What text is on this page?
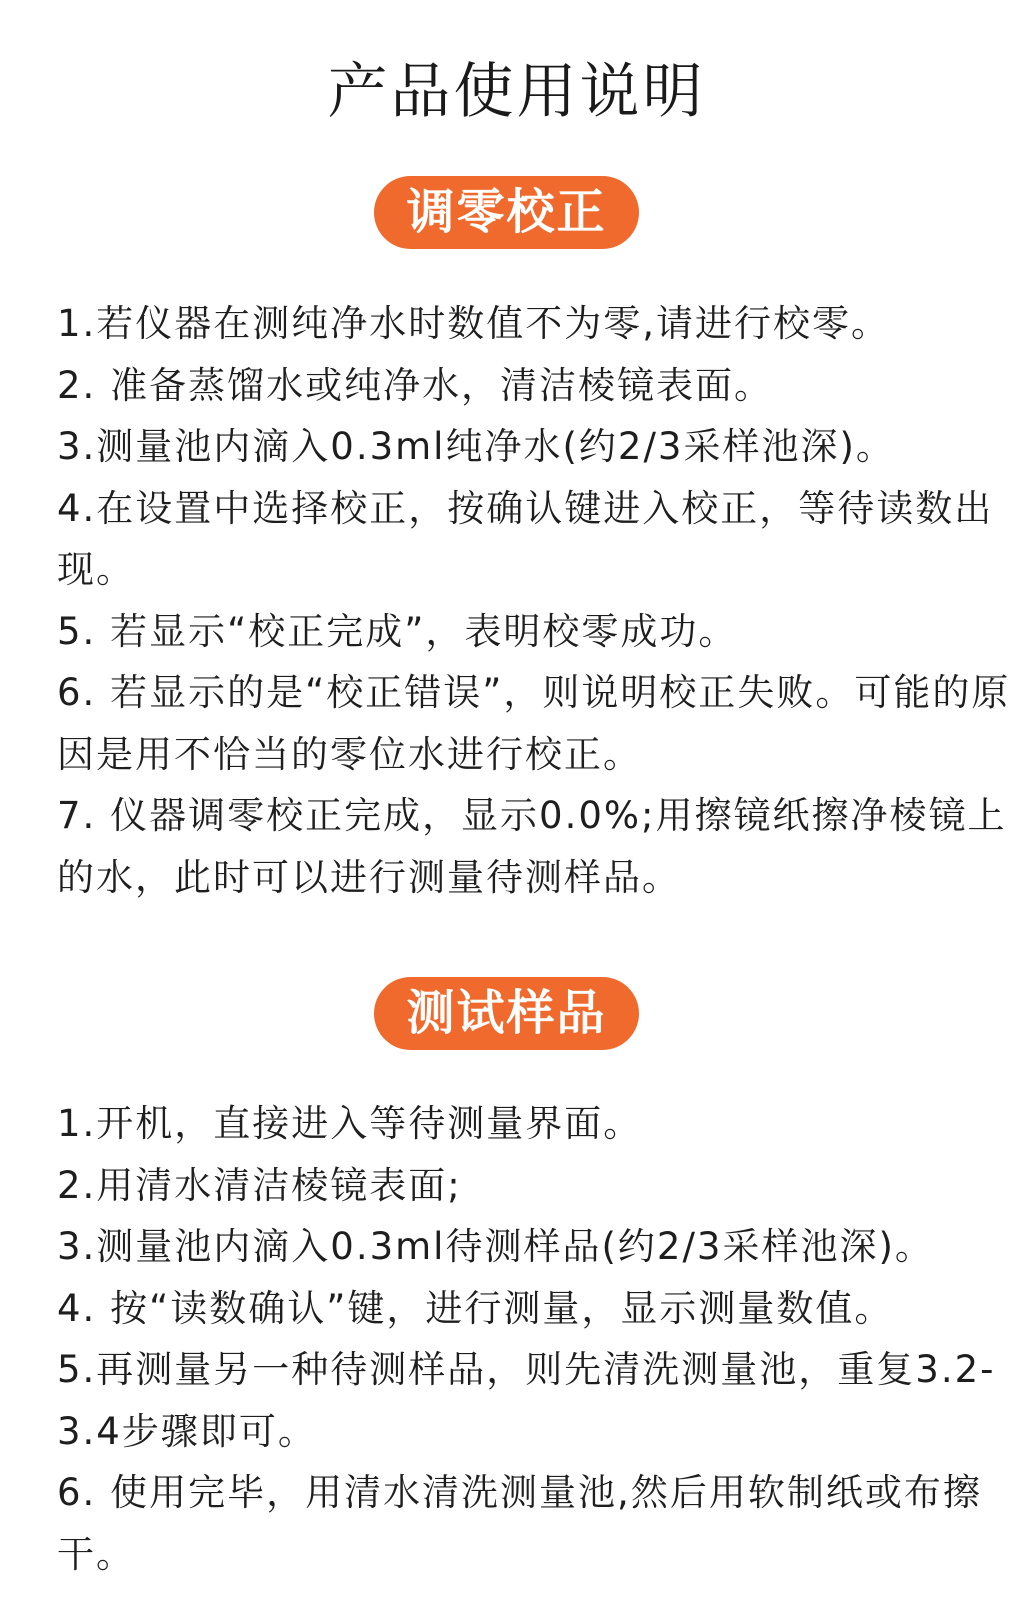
产品使用说明
调零校正
1.若仪器在测纯净水时数值不为零,请进行校零。
2. 准备蒸馏水或纯净水，清洁棱镜表面。
3.测量池内滴入0.3ml纯净水(约2/3采样池深)。
4.在设置中选择校正，按确认键进入校正，等待读数出现。
5. 若显示“校正完成”，表明校零成功。
6. 若显示的是“校正错误”，则说明校正失败。可能的原因是用不恰当的零位水进行校正。
7. 仪器调零校正完成，显示0.0%;用擦镜纸擦净棱镜上的水，此时可以进行测量待测样品。
测试样品
1.开机，直接进入等待测量界面。
2.用清水清洁棱镜表面;
3.测量池内滴入0.3ml待测样品(约2/3采样池深)。
4. 按“读数确认”键，进行测量，显示测量数值。
5.再测量另一种待测样品，则先清洗测量池，重复3.2-3.4步骤即可。
6. 使用完毕，用清水清洗测量池,然后用软制纸或布擦干。
